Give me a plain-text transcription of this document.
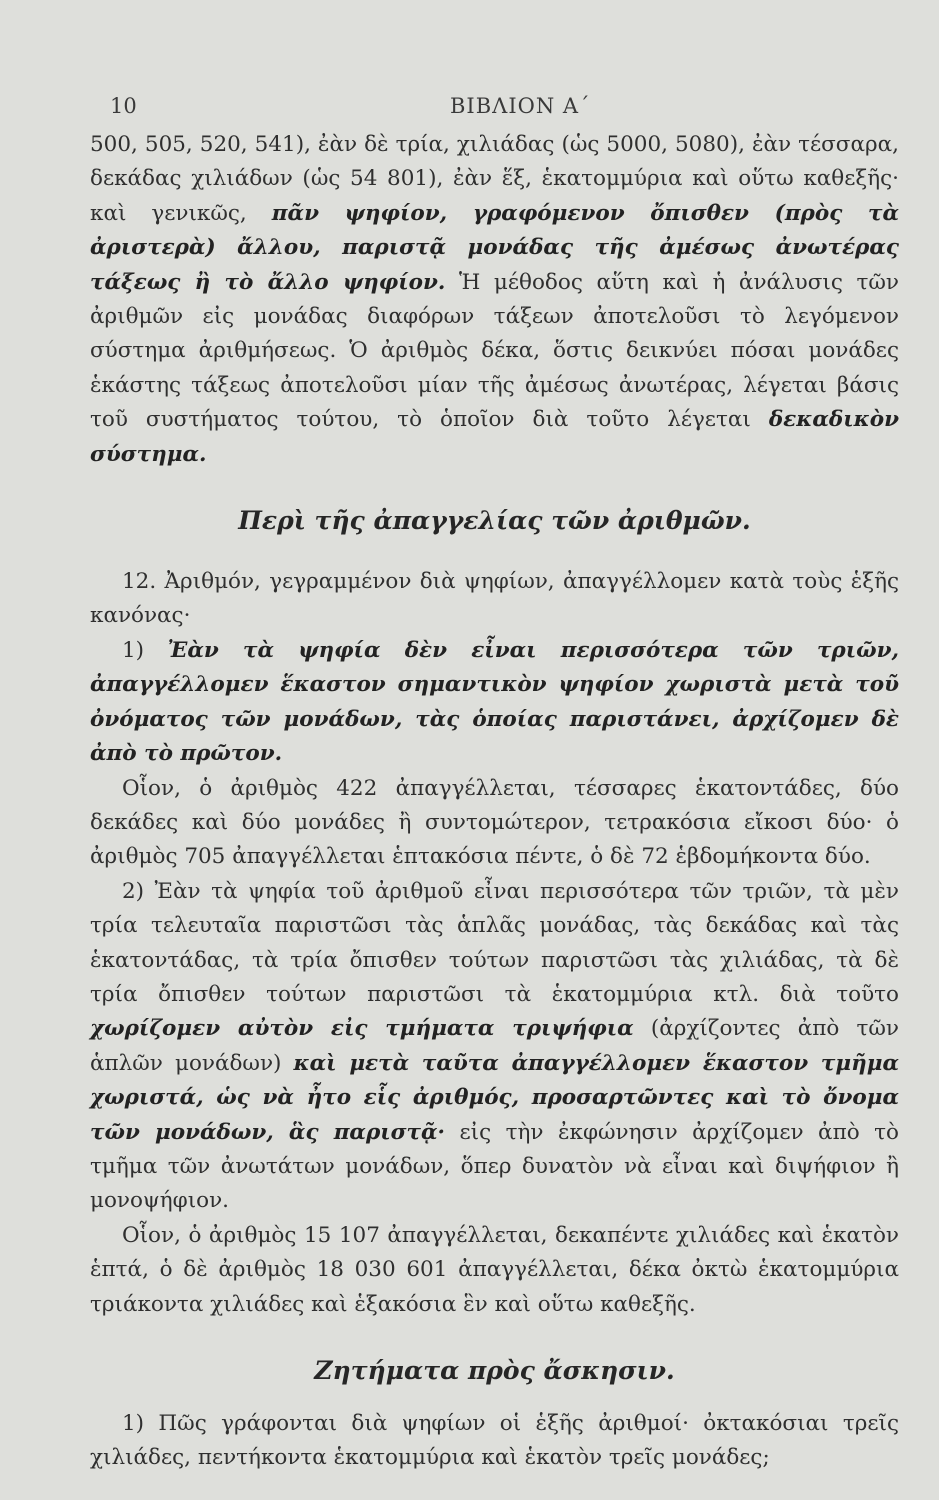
10	ΒΙΒΛΙΟΝ Α΄

500, 505, 520, 541), ἐὰν δὲ τρία, χιλιάδας (ὡς 5000, 5080), ἐὰν τέσσαρα, δεκάδας χιλιάδων (ὡς 54 801), ἐὰν ἕξ, ἑκατομμύρια καὶ οὕτω καθεξῆς· καὶ γενικῶς, πᾶν ψηφίον, γραφόμενον ὄπισθεν (πρὸς τὰ ἀριστερὰ) ἄλλου, παριστᾷ μονάδας τῆς ἀμέσως ἀνωτέρας τάξεως ἢ τὸ ἄλλο ψηφίον. Ἡ μέθοδος αὕτη καὶ ἡ ἀνάλυσις τῶν ἀριθμῶν εἰς μονάδας διαφόρων τάξεων ἀποτελοῦσι τὸ λεγόμενον σύστημα ἀριθμήσεως. Ὁ ἀριθμὸς δέκα, ὅστις δεικνύει πόσαι μονάδες ἑκάστης τάξεως ἀποτελοῦσι μίαν τῆς ἀμέσως ἀνωτέρας, λέγεται βάσις τοῦ συστήματος τούτου, τὸ ὁποῖον διὰ τοῦτο λέγεται δεκαδικὸν σύστημα.

Περὶ τῆς ἀπαγγελίας τῶν ἀριθμῶν.

12. Ἀριθμόν, γεγραμμένον διὰ ψηφίων, ἀπαγγέλλομεν κατὰ τοὺς ἑξῆς κανόνας·

1) Ἐὰν τὰ ψηφία δὲν εἶναι περισσότερα τῶν τριῶν, ἀπαγγέλλομεν ἕκαστον σημαντικὸν ψηφίον χωριστὰ μετὰ τοῦ ὀνόματος τῶν μονάδων, τὰς ὁποίας παριστάνει, ἀρχίζομεν δὲ ἀπὸ τὸ πρῶτον.

Οἷον, ὁ ἀριθμὸς 422 ἀπαγγέλλεται, τέσσαρες ἑκατοντάδες, δύο δεκάδες καὶ δύο μονάδες ἢ συντομώτερον, τετρακόσια εἴκοσι δύο· ὁ ἀριθμὸς 705 ἀπαγγέλλεται ἑπτακόσια πέντε, ὁ δὲ 72 ἑβδομήκοντα δύο.

2) Ἐὰν τὰ ψηφία τοῦ ἀριθμοῦ εἶναι περισσότερα τῶν τριῶν, τὰ μὲν τρία τελευταῖα παριστῶσι τὰς ἁπλᾶς μονάδας, τὰς δεκάδας καὶ τὰς ἑκατοντάδας, τὰ τρία ὄπισθεν τούτων παριστῶσι τὰς χιλιάδας, τὰ δὲ τρία ὄπισθεν τούτων παριστῶσι τὰ ἑκατομμύρια κτλ. διὰ τοῦτο χωρίζομεν αὐτὸν εἰς τμήματα τριψήφια (ἀρχίζοντες ἀπὸ τῶν ἁπλῶν μονάδων) καὶ μετὰ ταῦτα ἀπαγγέλλομεν ἕκαστον τμῆμα χωριστά, ὡς νὰ ἦτο εἷς ἀριθμός, προσαρτῶντες καὶ τὸ ὄνομα τῶν μονάδων, ἃς παριστᾷ· εἰς τὴν ἐκφώνησιν ἀρχίζομεν ἀπὸ τὸ τμῆμα τῶν ἀνωτάτων μονάδων, ὅπερ δυνατὸν νὰ εἶναι καὶ διψήφιον ἢ μονοψήφιον.

Οἷον, ὁ ἀριθμὸς 15 107 ἀπαγγέλλεται, δεκαπέντε χιλιάδες καὶ ἑκατὸν ἑπτά, ὁ δὲ ἀριθμὸς 18 030 601 ἀπαγγέλλεται, δέκα ὀκτὼ ἑκατομμύρια τριάκοντα χιλιάδες καὶ ἑξακόσια ἓν καὶ οὕτω καθεξῆς.

Ζητήματα πρὸς ἄσκησιν.

1) Πῶς γράφονται διὰ ψηφίων οἱ ἑξῆς ἀριθμοί· ὀκτακόσιαι τρεῖς χιλιάδες, πεντήκοντα ἑκατομμύρια καὶ ἑκατὸν τρεῖς μονάδες;
